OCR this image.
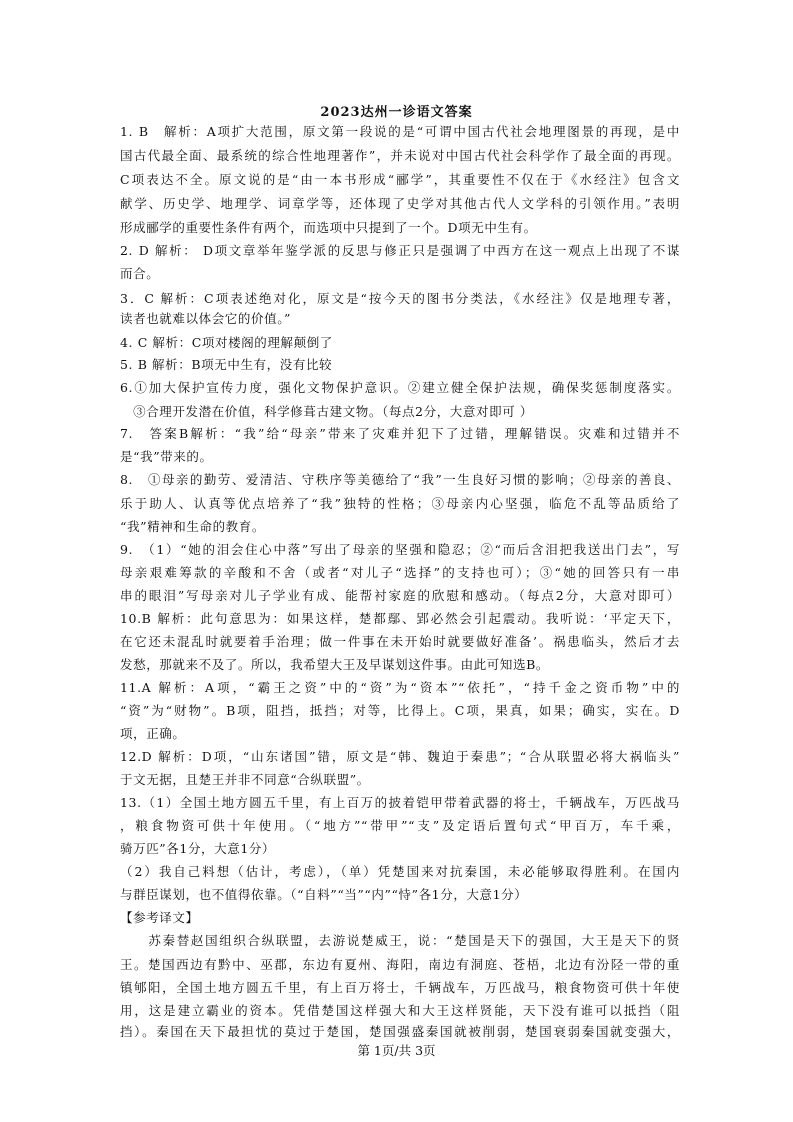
2023达州一诊语文答案
1. B　解析：A项扩大范围，原文第一段说的是“可谓中国古代社会地理图景的再现，是中
国古代最全面、最系统的综合性地理著作”，并未说对中国古代社会科学作了最全面的再现。
C项表达不全。原文说的是“由一本书形成“郦学”，其重要性不仅在于《水经注》包含文
献学、历史学、地理学、词章学等，还体现了史学对其他古代人文学科的引领作用。”表明
形成郦学的重要性条件有两个，而选项中只提到了一个。D项无中生有。
2. D 解析： D项文章举年鉴学派的反思与修正只是强调了中西方在这一观点上出现了不谋
而合。
3．C 解析：C项表述绝对化，原文是“按今天的图书分类法，《水经注》仅是地理专著，
读者也就难以体会它的价值。”
4. C 解析：C项对楼阁的理解颠倒了
5. B 解析：B项无中生有，没有比较
6.①加大保护宣传力度，强化文物保护意识。②建立健全保护法规，确保奖惩制度落实。
　③合理开发潜在价值，科学修葺古建文物。（每点2分，大意对即可 ）
7.　答案B解析：“我”给“母亲”带来了灾难并犯下了过错，理解错误。灾难和过错并不
是“我”带来的。
8.　①母亲的勤劳、爱清洁、守秩序等美德给了“我”一生良好习惯的影响；②母亲的善良、
乐于助人、认真等优点培养了“我”独特的性格；③母亲内心坚强，临危不乱等品质给了
“我”精神和生命的教育。
9.　（1）“她的泪会住心中落”写出了母亲的坚强和隐忍；②“而后含泪把我送出门去”，写
母亲艰难筹款的辛酸和不舍（或者“对儿子“选择”的支持也可）；③“她的回答只有一串
串的眼泪”写母亲对儿子学业有成、能帮衬家庭的欣慰和感动。（每点2分，大意对即可）
10.B 解析：此句意思为：如果这样，楚都鄢、郢必然会引起震动。我听说：‘平定天下，
在它还未混乱时就要着手治理；做一件事在未开始时就要做好准备’。祸患临头，然后才去
发愁，那就来不及了。所以，我希望大王及早谋划这件事。由此可知选B。
11.A 解析：A项，“霸王之资”中的“资”为“资本”“依托”，“持千金之资币物”中的
“资”为“财物”。B项，阻挡，抵挡；对等，比得上。C项，果真，如果；确实，实在。D
项，正确。
12.D 解析：D项，“山东诸国”错，原文是“韩、魏迫于秦患”；“合从联盟必将大祸临头”
于文无据，且楚王并非不同意“合纵联盟”。
13.（1）全国土地方圆五千里，有上百万的披着铠甲带着武器的将士，千辆战车，万匹战马
，粮食物资可供十年使用。（“地方”“带甲”“支”及定语后置句式“甲百万，车千乘，
骑万匹”各1分，大意1分）
（2）我自己料想（估计，考虑），（单）凭楚国来对抗秦国，未必能够取得胜利。在国内
与群臣谋划，也不值得依靠。（“自料”“当”“内”“恃”各1分，大意1分）
【参考译文】
　　苏秦替赵国组织合纵联盟，去游说楚威王，说：“楚国是天下的强国，大王是天下的贤
王。楚国西边有黔中、巫郡，东边有夏州、海阳，南边有洞庭、苍梧，北边有汾陉一带的重
镇郇阳，全国土地方圆五千里，有上百万将士，千辆战车，万匹战马，粮食物资可供十年使
用，这是建立霸业的资本。凭借楚国这样强大和大王这样贤能，天下没有谁可以抵挡（阻
挡）。秦国在天下最担忧的莫过于楚国，楚国强盛秦国就被削弱，楚国衰弱秦国就变强大，
第 1页/共 3页
